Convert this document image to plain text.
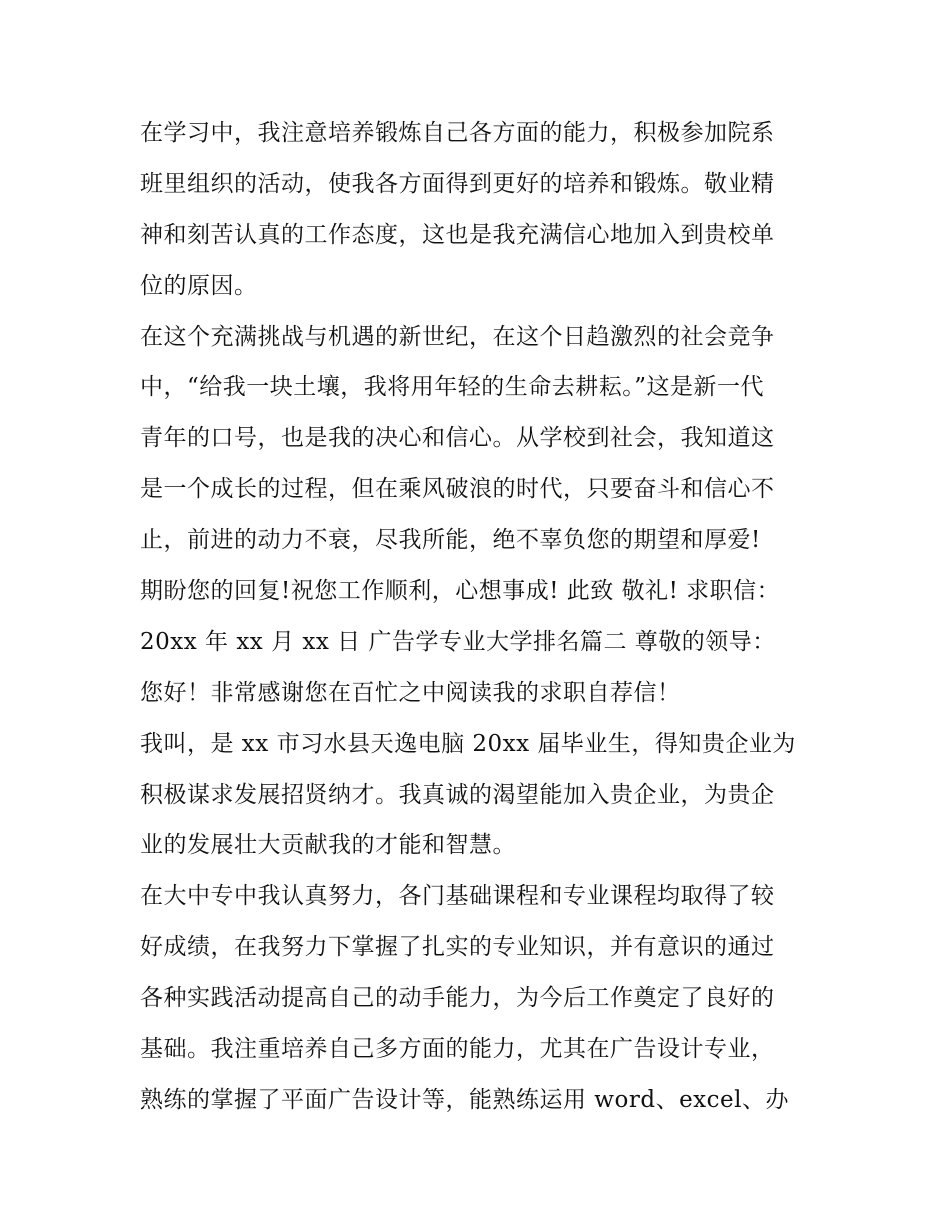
在学习中，我注意培养锻炼自己各方面的能力，积极参加院系
班里组织的活动，使我各方面得到更好的培养和锻炼。敬业精
神和刻苦认真的工作态度，这也是我充满信心地加入到贵校单
位的原因。
在这个充满挑战与机遇的新世纪，在这个日趋激烈的社会竞争
中，“给我一块土壤，我将用年轻的生命去耕耘。”这是新一代
青年的口号，也是我的决心和信心。从学校到社会，我知道这
是一个成长的过程，但在乘风破浪的时代，只要奋斗和信心不
止，前进的动力不衰，尽我所能，绝不辜负您的期望和厚爱!
期盼您的回复!祝您工作顺利，心想事成! 此致 敬礼! 求职信：
20xx 年 xx 月 xx 日 广告学专业大学排名篇二 尊敬的领导：
您好！非常感谢您在百忙之中阅读我的求职自荐信！
我叫，是 xx 市习水县天逸电脑 20xx 届毕业生，得知贵企业为
积极谋求发展招贤纳才。我真诚的渴望能加入贵企业，为贵企
业的发展壮大贡献我的才能和智慧。
在大中专中我认真努力，各门基础课程和专业课程均取得了较
好成绩，在我努力下掌握了扎实的专业知识，并有意识的通过
各种实践活动提高自己的动手能力，为今后工作奠定了良好的
基础。我注重培养自己多方面的能力，尤其在广告设计专业，
熟练的掌握了平面广告设计等，能熟练运用 word、excel、办
